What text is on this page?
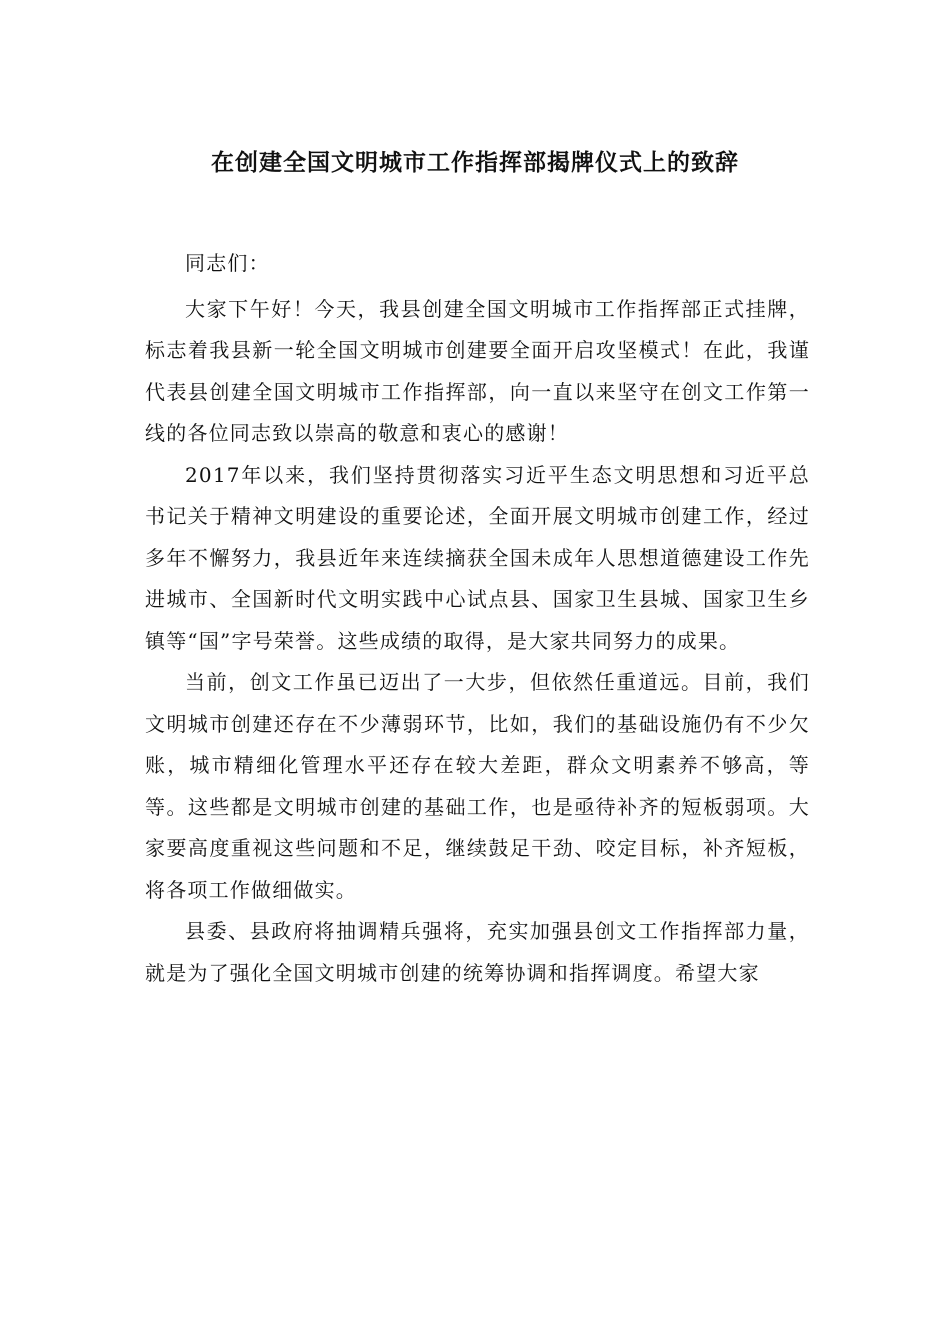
在创建全国文明城市工作指挥部揭牌仪式上的致辞

同志们：

大家下午好！今天，我县创建全国文明城市工作指挥部正式挂牌，标志着我县新一轮全国文明城市创建要全面开启攻坚模式！在此，我谨代表县创建全国文明城市工作指挥部，向一直以来坚守在创文工作第一线的各位同志致以崇高的敬意和衷心的感谢！

2017年以来，我们坚持贯彻落实习近平生态文明思想和习近平总书记关于精神文明建设的重要论述，全面开展文明城市创建工作，经过多年不懈努力，我县近年来连续摘获全国未成年人思想道德建设工作先进城市、全国新时代文明实践中心试点县、国家卫生县城、国家卫生乡镇等“国”字号荣誉。这些成绩的取得，是大家共同努力的成果。

当前，创文工作虽已迈出了一大步，但依然任重道远。目前，我们文明城市创建还存在不少薄弱环节，比如，我们的基础设施仍有不少欠账，城市精细化管理水平还存在较大差距，群众文明素养不够高，等等。这些都是文明城市创建的基础工作，也是亟待补齐的短板弱项。大家要高度重视这些问题和不足，继续鼓足干劲、咬定目标，补齐短板，将各项工作做细做实。

县委、县政府将抽调精兵强将，充实加强县创文工作指挥部力量，就是为了强化全国文明城市创建的统筹协调和指挥调度。希望大家
